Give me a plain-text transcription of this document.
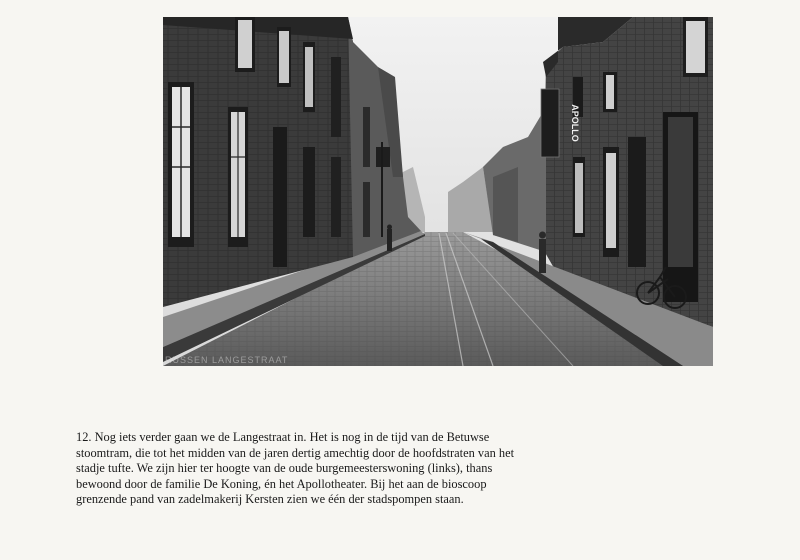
APOLLO
RUSSEN LANGESTRAAT

12. Nog iets verder gaan we de Langestraat in. Het is nog in de tijd van de Betuwse
stoomtram, die tot het midden van de jaren dertig amechtig door de hoofdstraten van het
stadje tufte. We zijn hier ter hoogte van de oude burgemeesterswoning (links), thans
bewoond door de familie De Koning, én het Apollotheater. Bij het aan de bioscoop
grenzende pand van zadelmakerij Kersten zien we één der stadspompen staan.
